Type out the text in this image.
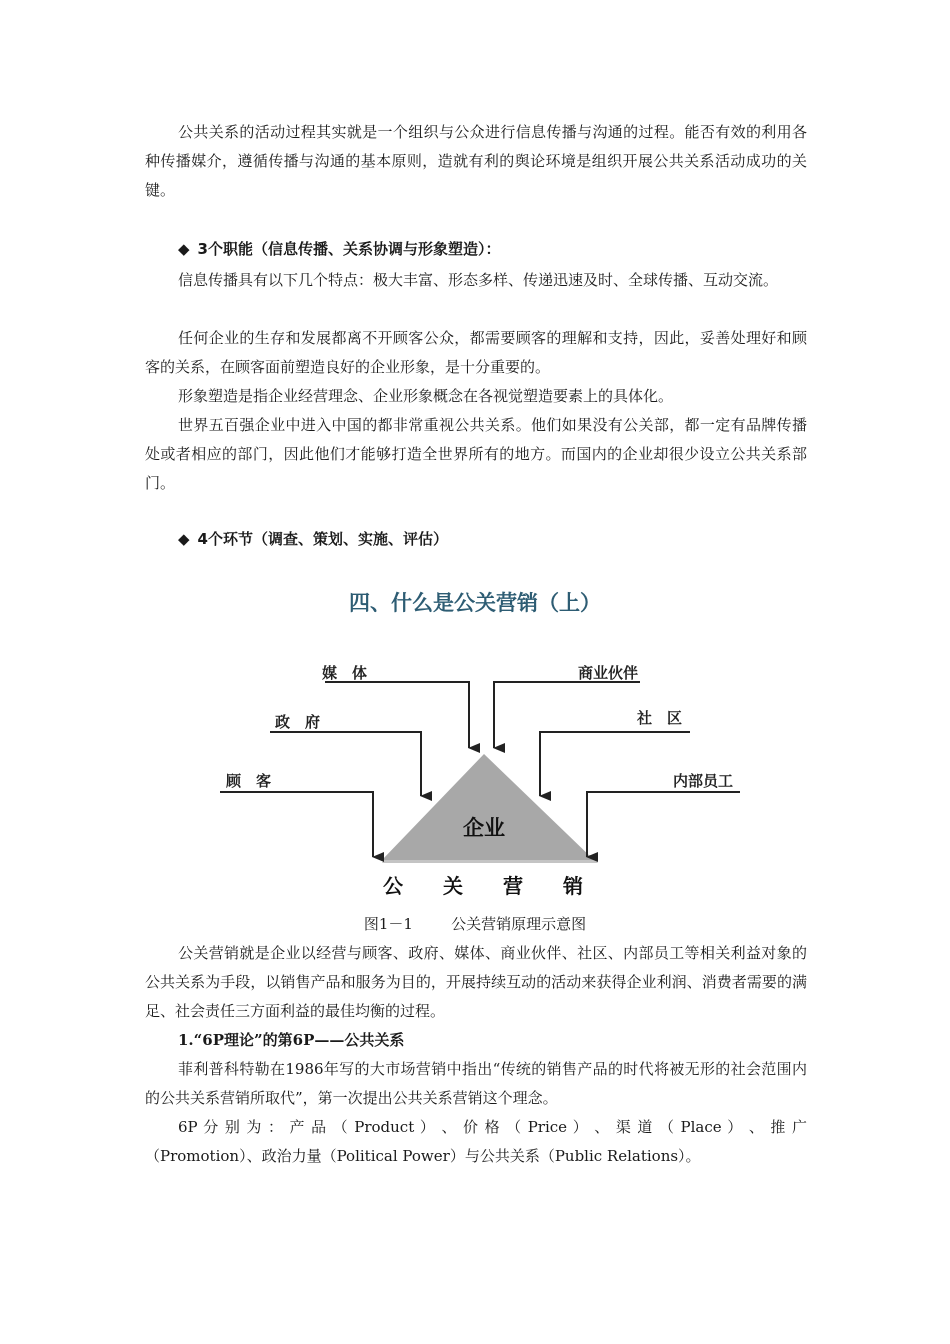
公共关系的活动过程其实就是一个组织与公众进行信息传播与沟通的过程。能否有效的利用各种传播媒介，遵循传播与沟通的基本原则，造就有利的舆论环境是组织开展公共关系活动成功的关键。

◆ 3个职能（信息传播、关系协调与形象塑造）：

信息传播具有以下几个特点：极大丰富、形态多样、传递迅速及时、全球传播、互动交流。

任何企业的生存和发展都离不开顾客公众，都需要顾客的理解和支持，因此，妥善处理好和顾客的关系，在顾客面前塑造良好的企业形象，是十分重要的。

形象塑造是指企业经营理念、企业形象概念在各视觉塑造要素上的具体化。

世界五百强企业中进入中国的都非常重视公共关系。他们如果没有公关部，都一定有品牌传播处或者相应的部门，因此他们才能够打造全世界所有的地方。而国内的企业却很少设立公共关系部门。

◆ 4个环节（调查、策划、实施、评估）

四、什么是公关营销（上）
媒　体	商业伙伴
政　府	社　区
顾　客	内部员工
企业
公　　关　　营　　销

图1－1        公关营销原理示意图

公关营销就是企业以经营与顾客、政府、媒体、商业伙伴、社区、内部员工等相关利益对象的公共关系为手段，以销售产品和服务为目的，开展持续互动的活动来获得企业利润、消费者需要的满足、社会责任三方面利益的最佳均衡的过程。

1.“6P理论”的第6P——公共关系

菲利普科特勒在1986年写的大市场营销中指出“传统的销售产品的时代将被无形的社会范围内的公共关系营销所取代”，第一次提出公共关系营销这个理念。

6P 分 别 为 ： 产 品 （ Product ） 、 价 格 （ Price ） 、 渠 道 （ Place ） 、 推 广（Promotion）、政治力量（Political Power）与公共关系（Public Relations）。
